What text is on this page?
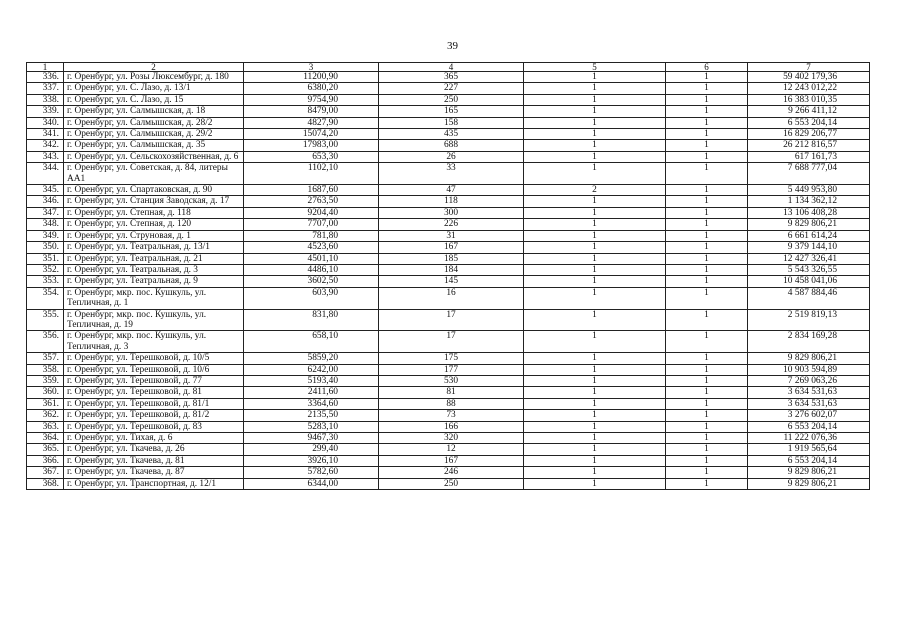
39
1	2	3	4	5	6	7
336.	г. Оренбург, ул. Розы Люксембург, д. 180	11200,90	365	1	1	59 402 179,36
337.	г. Оренбург, ул. С. Лазо, д. 13/1	6380,20	227	1	1	12 243 012,22
338.	г. Оренбург, ул. С. Лазо, д. 15	9754,90	250	1	1	16 383 010,35
339.	г. Оренбург, ул. Салмышская, д. 18	8479,00	165	1	1	9 266 411,12
340.	г. Оренбург, ул. Салмышская, д. 28/2	4827,90	158	1	1	6 553 204,14
341.	г. Оренбург, ул. Салмышская, д. 29/2	15074,20	435	1	1	16 829 206,77
342.	г. Оренбург, ул. Салмышская, д. 35	17983,00	688	1	1	26 212 816,57
343.	г. Оренбург, ул. Сельскохозяйственная, д. 6	653,30	26	1	1	617 161,73
344.	г. Оренбург, ул. Советская, д. 84, литеры АА1	1102,10	33	1	1	7 688 777,04
345.	г. Оренбург, ул. Спартаковская, д. 90	1687,60	47	2	1	5 449 953,80
346.	г. Оренбург, ул. Станция Заводская, д. 17	2763,50	118	1	1	1 134 362,12
347.	г. Оренбург, ул. Степная, д. 118	9204,40	300	1	1	13 106 408,28
348.	г. Оренбург, ул. Степная, д. 120	7707,00	226	1	1	9 829 806,21
349.	г. Оренбург, ул. Струновая, д. 1	781,80	31	1	1	6 661 614,24
350.	г. Оренбург, ул. Театральная, д. 13/1	4523,60	167	1	1	9 379 144,10
351.	г. Оренбург, ул. Театральная, д. 21	4501,10	185	1	1	12 427 326,41
352.	г. Оренбург, ул. Театральная, д. 3	4486,10	184	1	1	5 543 326,55
353.	г. Оренбург, ул. Театральная, д. 9	3602,50	145	1	1	10 458 041,06
354.	г. Оренбург, мкр. пос. Кушкуль, ул. Тепличная, д. 1	603,90	16	1	1	4 587 884,46
355.	г. Оренбург, мкр. пос. Кушкуль, ул. Тепличная, д. 19	831,80	17	1	1	2 519 819,13
356.	г. Оренбург, мкр. пос. Кушкуль, ул. Тепличная, д. 3	658,10	17	1	1	2 834 169,28
357.	г. Оренбург, ул. Терешковой, д. 10/5	5859,20	175	1	1	9 829 806,21
358.	г. Оренбург, ул. Терешковой, д. 10/6	6242,00	177	1	1	10 903 594,89
359.	г. Оренбург, ул. Терешковой, д. 77	5193,40	530	1	1	7 269 063,26
360.	г. Оренбург, ул. Терешковой, д. 81	2411,60	81	1	1	3 634 531,63
361.	г. Оренбург, ул. Терешковой, д. 81/1	3364,60	88	1	1	3 634 531,63
362.	г. Оренбург, ул. Терешковой, д. 81/2	2135,50	73	1	1	3 276 602,07
363.	г. Оренбург, ул. Терешковой, д. 83	5283,10	166	1	1	6 553 204,14
364.	г. Оренбург, ул. Тихая, д. 6	9467,30	320	1	1	11 222 076,36
365.	г. Оренбург, ул. Ткачева, д. 26	299,40	12	1	1	1 919 565,64
366.	г. Оренбург, ул. Ткачева, д. 81	3926,10	167	1	1	6 553 204,14
367.	г. Оренбург, ул. Ткачева, д. 87	5782,60	246	1	1	9 829 806,21
368.	г. Оренбург, ул. Транспортная, д. 12/1	6344,00	250	1	1	9 829 806,21
